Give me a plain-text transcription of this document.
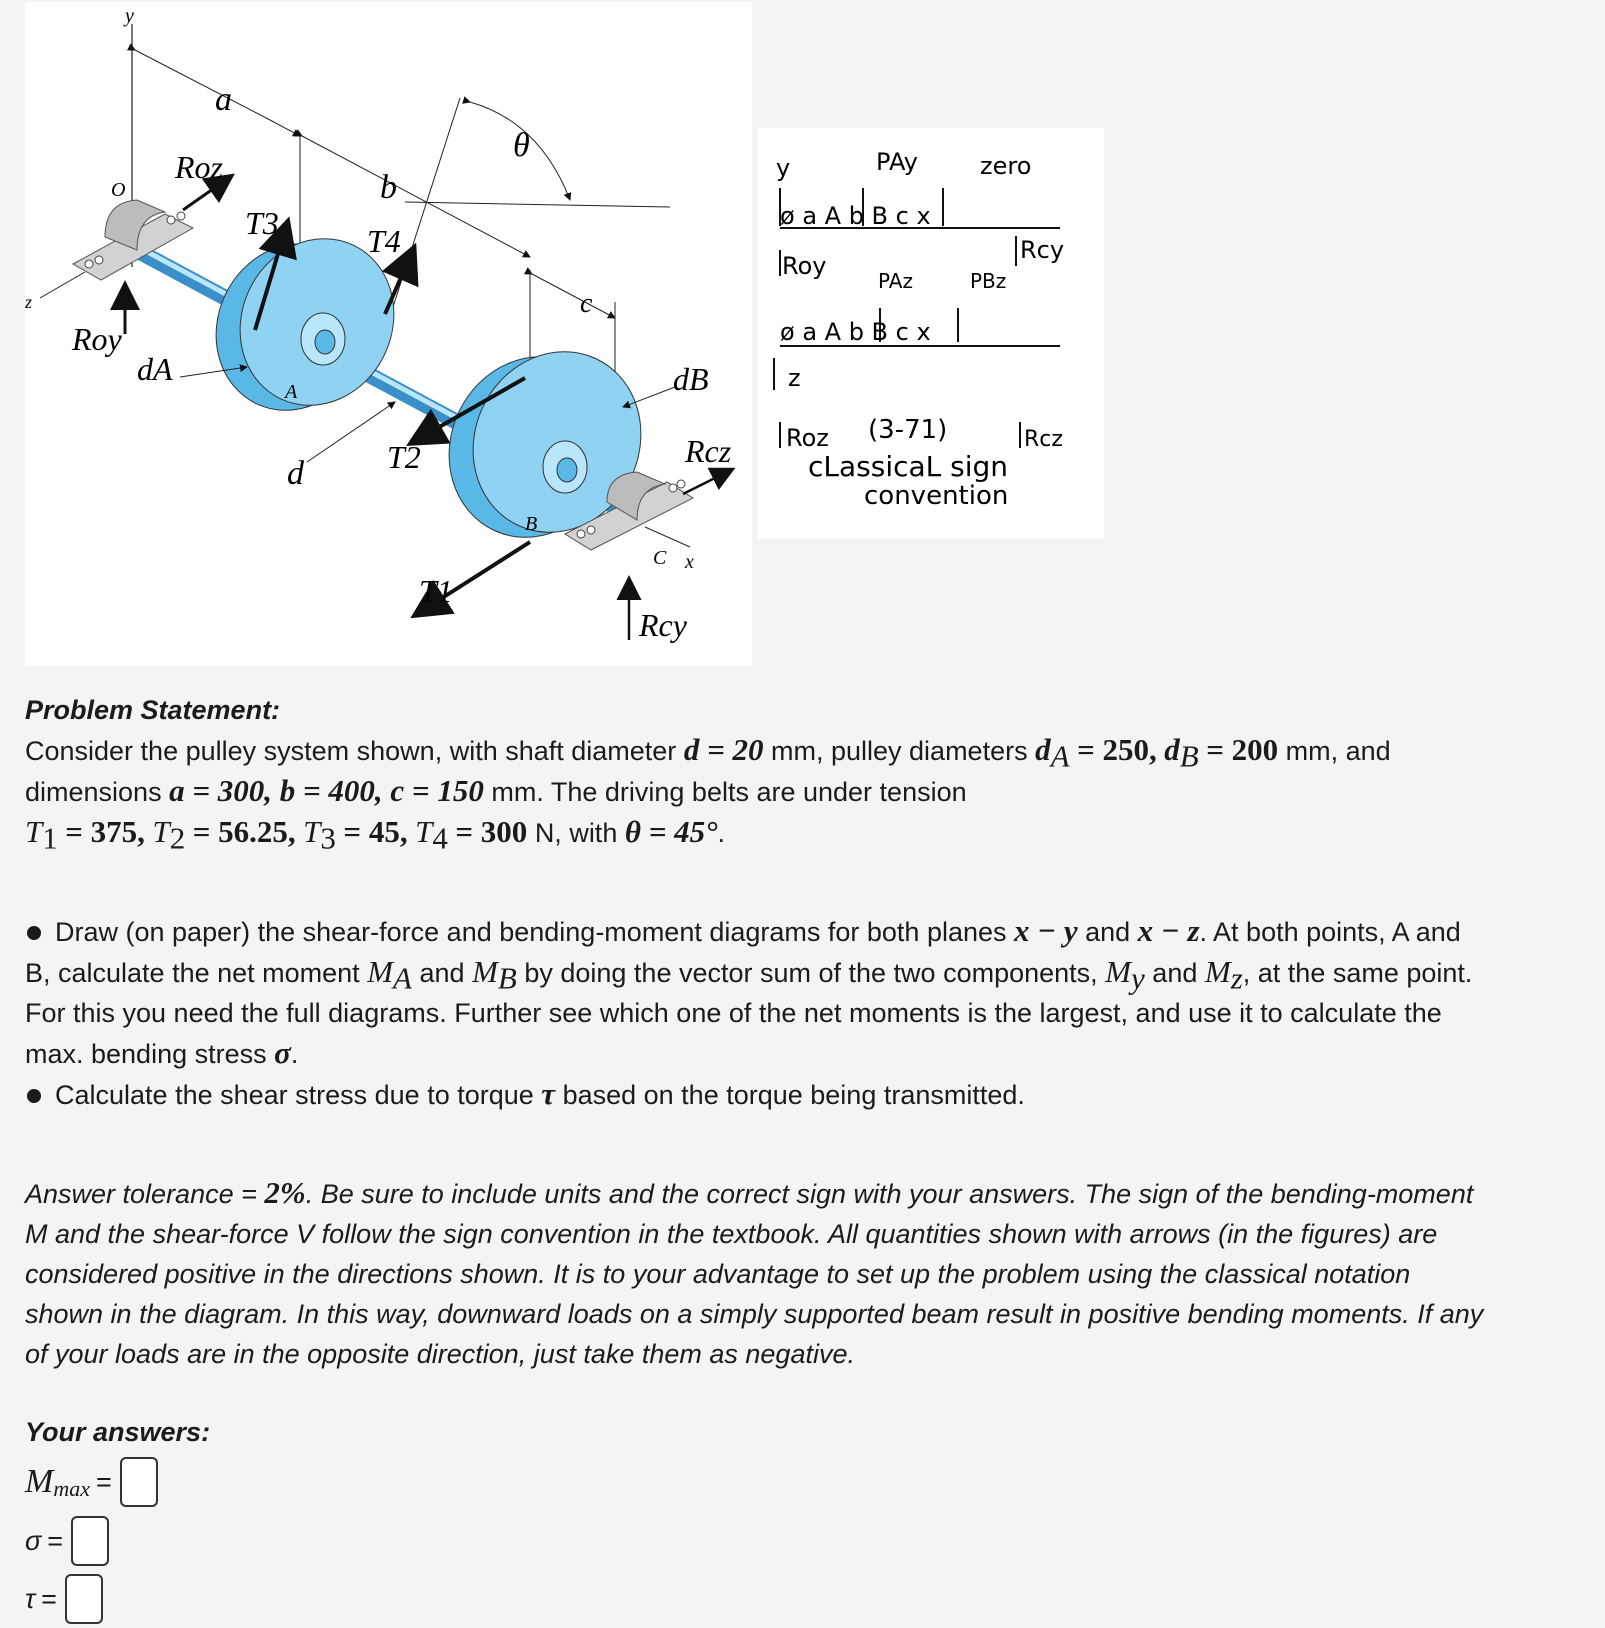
y
O
z
x
a
b
c
d
θ
Roz
Roy
Rcz
Rcy
T3	T4
T2
T1
dA	dB
A
B
C
y	PAy	zero
ø a A b B c x
Roy
Rcy
PAz	PBz
ø a A b B c x
z
Roz (3-71)	Rcz
cLassicaL sign
convention
Problem Statement:

Consider the pulley system shown, with shaft diameter d = 20 mm, pulley diameters $d_A = 250$, $d_B = 200$ mm, and
dimensions a = 300, b = 400, c = 150 mm. The driving belts are under tension
$T_1 = 375$, $T_2 = 56.25$, $T_3 = 45$, $T_4 = 300$ N, with θ = 45°.

Draw (on paper) the shear-force and bending-moment diagrams for both planes x − y and x − z. At both points, A and
B, calculate the net moment $M_A$ and $M_B$ by doing the vector sum of the two components, $M_y$ and $M_z$, at the same point.
For this you need the full diagrams. Further see which one of the net moments is the largest, and use it to calculate the
max. bending stress σ.

Calculate the shear stress due to torque τ based on the torque being transmitted.

Answer tolerance = 2%. Be sure to include units and the correct sign with your answers. The sign of the bending-moment
M and the shear-force V follow the sign convention in the textbook. All quantities shown with arrows (in the figures) are
considered positive in the directions shown. It is to your advantage to set up the problem using the classical notation
shown in the diagram. In this way, downward loads on a simply supported beam result in positive bending moments. If any
of your loads are in the opposite direction, just take them as negative.
Your answers:
M max =
σ =
τ =
